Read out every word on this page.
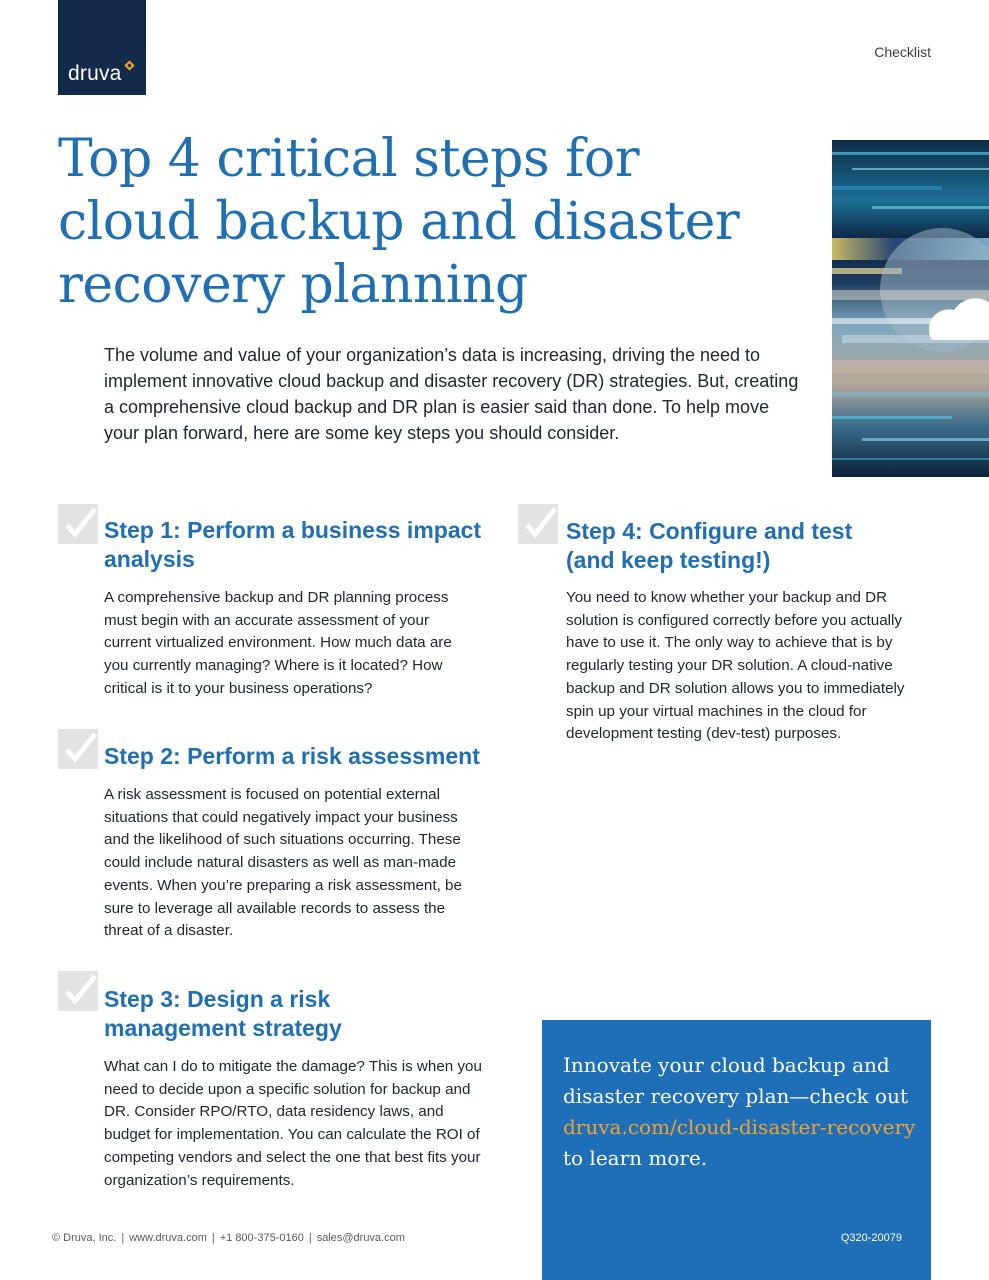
druva
Checklist
Top 4 critical steps for cloud backup and disaster recovery planning

The volume and value of your organization’s data is increasing, driving the need to implement innovative cloud backup and disaster recovery (DR) strategies. But, creating a comprehensive cloud backup and DR plan is easier said than done. To help move your plan forward, here are some key steps you should consider.

Step 1: Perform a business impact analysis

A comprehensive backup and DR planning process must begin with an accurate assessment of your current virtualized environment. How much data are you currently managing? Where is it located? How critical is it to your business operations?

Step 2: Perform a risk assessment

A risk assessment is focused on potential external situations that could negatively impact your business and the likelihood of such situations occurring. These could include natural disasters as well as man-made events. When you’re preparing a risk assessment, be sure to leverage all available records to assess the threat of a disaster.

Step 3: Design a risk management strategy

What can I do to mitigate the damage? This is when you need to decide upon a specific solution for backup and DR. Consider RPO/RTO, data residency laws, and budget for implementation. You can calculate the ROI of competing vendors and select the one that best fits your organization’s requirements.

Step 4: Configure and test (and keep testing!)

You need to know whether your backup and DR solution is configured correctly before you actually have to use it. The only way to achieve that is by regularly testing your DR solution. A cloud-native backup and DR solution allows you to immediately spin up your virtual machines in the cloud for development testing (dev-test) purposes.

Innovate your cloud backup and disaster recovery plan—check out druva.com/cloud-disaster-recovery to learn more.

Q320-20079
© Druva, Inc. | www.druva.com | +1 800-375-0160 | sales@druva.com
